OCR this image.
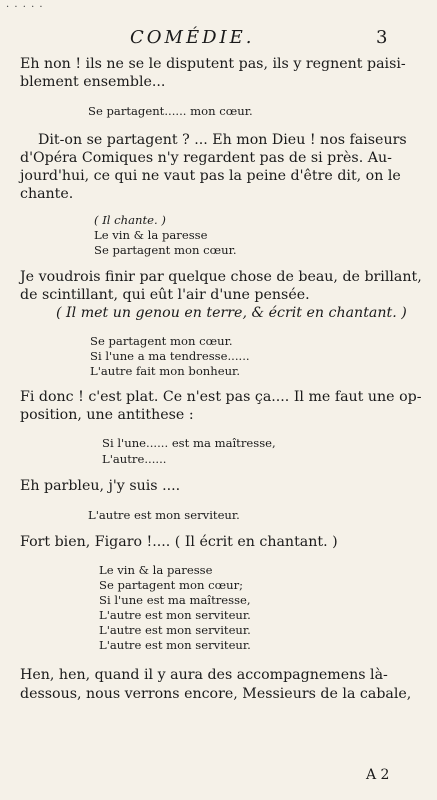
· · · · ·
COMÉDIE.	3
Eh non ! ils ne se le disputent pas, ils y regnent paisi-
blement ensemble...
Se partagent...... mon cœur.
Dit-on se partagent ? ... Eh mon Dieu ! nos faiseurs
d'Opéra Comiques n'y regardent pas de si près. Au-
jourd'hui, ce qui ne vaut pas la peine d'être dit, on le
chante.
( Il chante. )
Le vin & la paresse
Se partagent mon cœur.
Je voudrois finir par quelque chose de beau, de brillant,
de scintillant, qui eût l'air d'une pensée.
( Il met un genou en terre, & écrit en chantant. )
Se partagent mon cœur.
Si l'une a ma tendresse......
L'autre fait mon bonheur.
Fi donc ! c'est plat. Ce n'est pas ça.... Il me faut une op-
position, une antithese :
Si l'une...... est ma maîtresse,
L'autre......
Eh parbleu, j'y suis ....
L'autre est mon serviteur.
Fort bien, Figaro !.... ( Il écrit en chantant. )
Le vin & la paresse
Se partagent mon cœur;
Si l'une est ma maîtresse,
L'autre est mon serviteur.
L'autre est mon serviteur.
L'autre est mon serviteur.
Hen, hen, quand il y aura des accompagnemens là-
dessous, nous verrons encore, Messieurs de la cabale,
A 2
